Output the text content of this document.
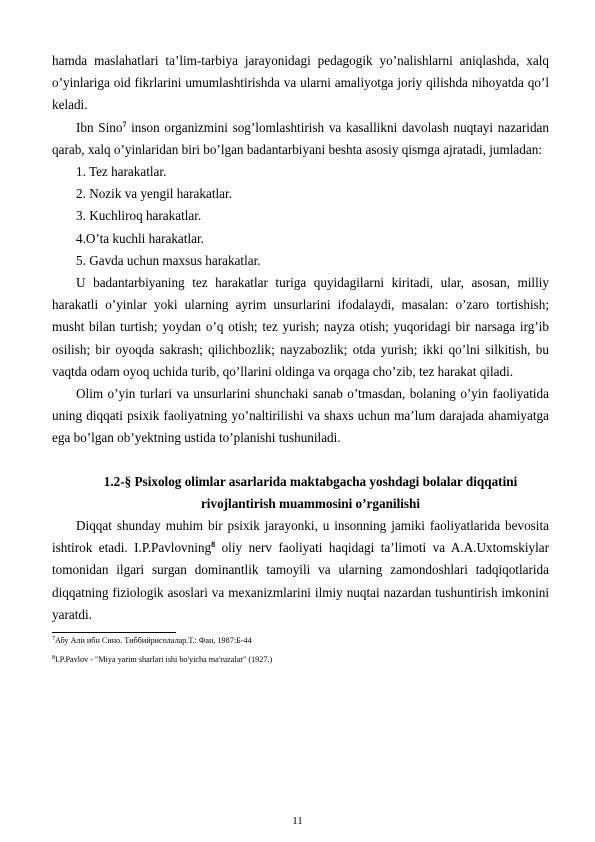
hamda maslahatlari ta’lim-tarbiya jarayonidagi pedagogik yo’nalishlarni aniqlashda, xalq o’yinlariga oid fikrlarini umumlashtirishda va ularni amaliyotga joriy qilishda nihoyatda qo’l keladi.

Ibn Sino$^7$ inson organizmini sog’lomlashtirish va kasallikni davolash nuqtayi nazaridan qarab, xalq o’yinlaridan biri bo’lgan badantarbiyani beshta asosiy qismga ajratadi, jumladan:

1. Tez harakatlar.

2. Nozik va yengil harakatlar.

3. Kuchliroq harakatlar.

4.O’ta kuchli harakatlar.

5. Gavda uchun maxsus harakatlar.

U badantarbiyaning tez harakatlar turiga quyidagilarni kiritadi, ular, asosan, milliy harakatli o’yinlar yoki ularning ayrim unsurlarini ifodalaydi, masalan: o’zaro tortishish; musht bilan turtish; yoydan o’q otish; tez yurish; nayza otish; yuqoridagi bir narsaga irg’ib osilish; bir oyoqda sakrash; qilichbozlik; nayzabozlik; otda yurish; ikki qo’lni silkitish, bu vaqtda odam oyoq uchida turib, qo’llarini oldinga va orqaga cho’zib, tez harakat qiladi.

Olim o’yin turlari va unsurlarini shunchaki sanab o’tmasdan, bolaning o’yin faoliyatida uning diqqati psixik faoliyatning yo’naltirilishi va shaxs uchun ma’lum darajada ahamiyatga ega bo’lgan ob’yektning ustida to’planishi tushuniladi.

1.2-§ Psixolog olimlar asarlarida maktabgacha yoshdagi bolalar diqqatini rivojlantirish muammosini o’rganilishi

Diqqat shunday muhim bir psixik jarayonki, u insonning jamiki faoliyatlarida bevosita ishtirok etadi. I.P.Pavlovning$^8$ oliy nerv faoliyati haqidagi ta’limoti va A.A.Uxtomskiylar tomonidan ilgari surgan dominantlik tamoyili va ularning zamondoshlari tadqiqotlarida diqqatning fiziologik asoslari va mexanizmlarini ilmiy nuqtai nazardan tushuntirish imkonini yaratdi.

$^7$Абу Али ибн Сино. Тиббийрисолалар.Т.: Фан, 1987:Б-44
$^8$I.P.Pavlov - "Miya yarim sharlari ishi bo'yicha ma'ruzalar" (1927.)
11
